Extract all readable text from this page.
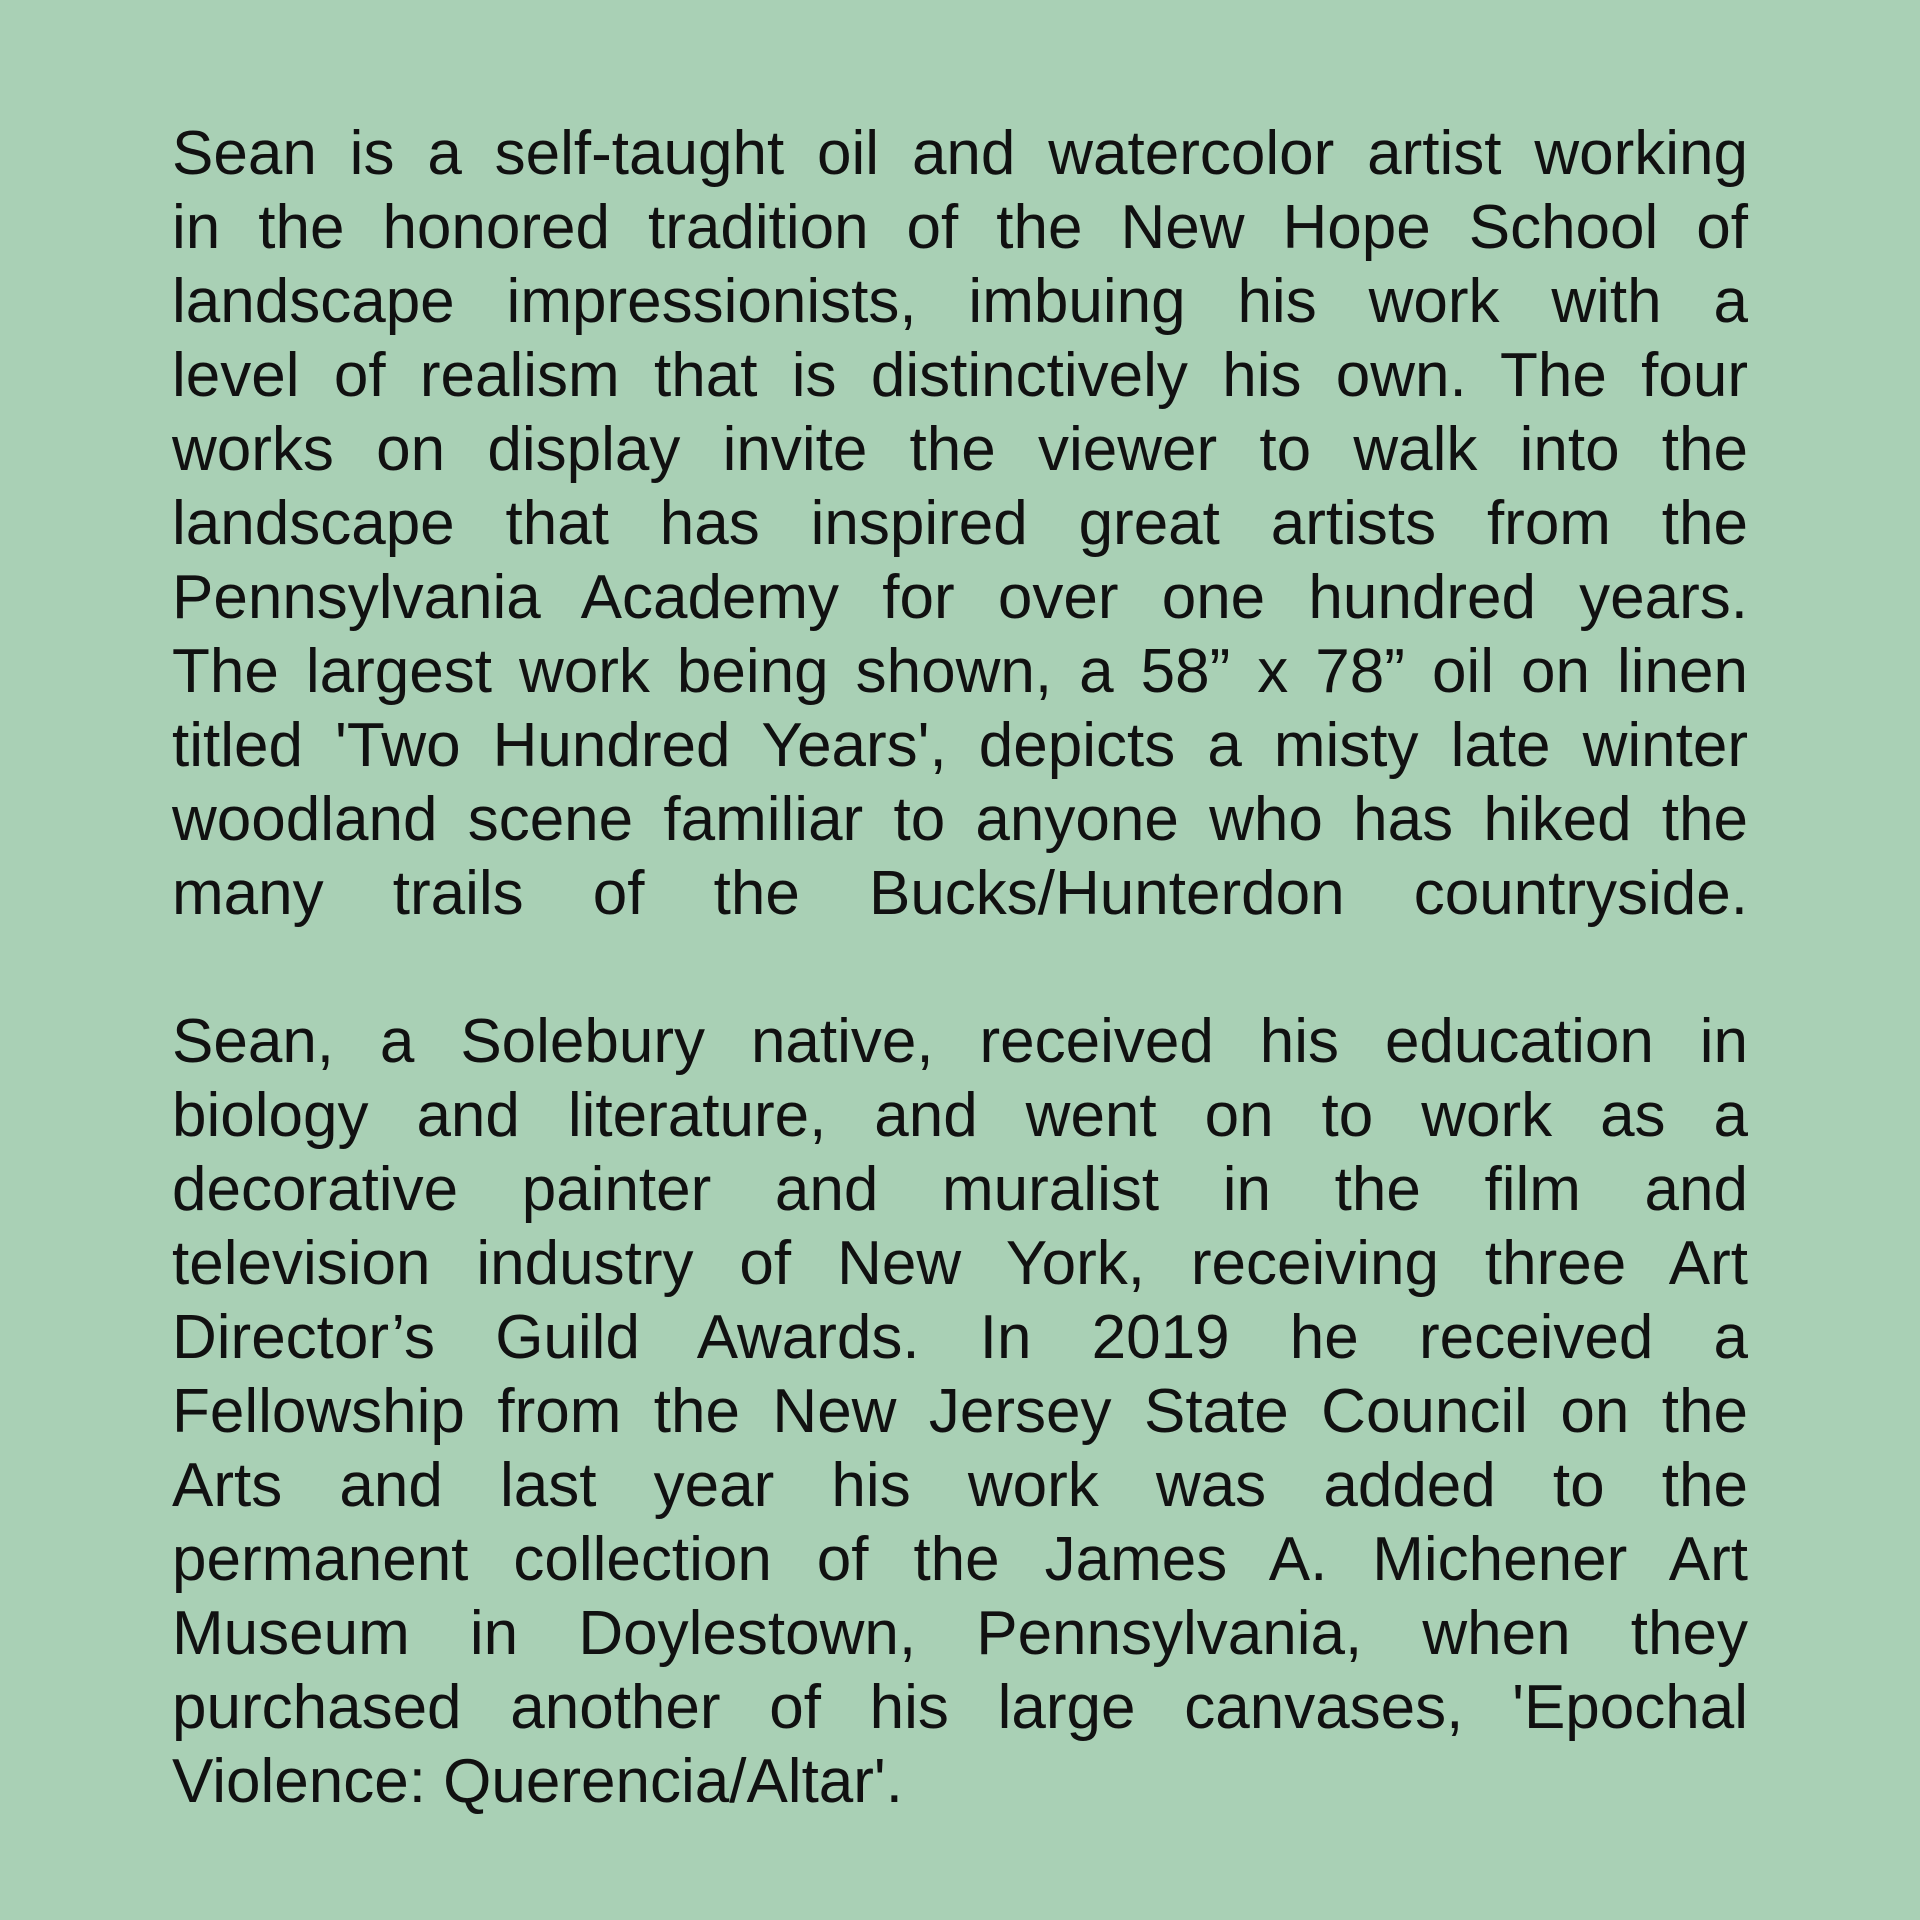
Sean is a self-taught oil and watercolor artist working
in the honored tradition of the New Hope School of
landscape impressionists, imbuing his work with a
level of realism that is distinctively his own. The four
works on display invite the viewer to walk into the
landscape that has inspired great artists from the
Pennsylvania Academy for over one hundred years.
The largest work being shown, a 58” x 78” oil on linen
titled 'Two Hundred Years', depicts a misty late winter
woodland scene familiar to anyone who has hiked the
many trails of the Bucks/Hunterdon countryside.
Sean, a Solebury native, received his education in
biology and literature, and went on to work as a
decorative painter and muralist in the film and
television industry of New York, receiving three Art
Director’s Guild Awards. In 2019 he received a
Fellowship from the New Jersey State Council on the
Arts and last year his work was added to the
permanent collection of the James A. Michener Art
Museum in Doylestown, Pennsylvania, when they
purchased another of his large canvases, 'Epochal
Violence: Querencia/Altar'.
